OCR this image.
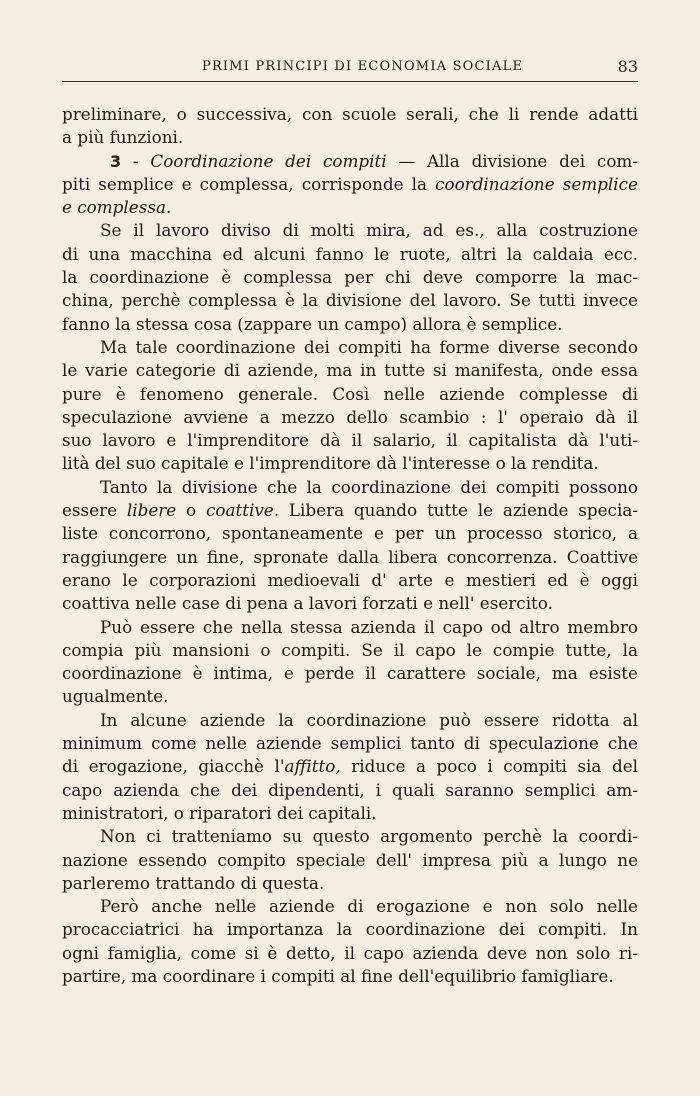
PRIMI PRINCIPI DI ECONOMIA SOCIALE	83
preliminare, o successiva, con scuole serali, che li rende adatti
a più funzioni.
3 - Coordinazione dei compiti — Alla divisione dei com-
piti semplice e complessa, corrisponde la coordinazione semplice
e complessa.
Se il lavoro diviso di molti mira, ad es., alla costruzione
di una macchina ed alcuni fanno le ruote, altri la caldaia ecc.
la coordinazione è complessa per chi deve comporre la mac-
china, perchè complessa è la divisione del lavoro. Se tutti invece
fanno la stessa cosa (zappare un campo) allora è semplice.
Ma tale coordinazione dei compiti ha forme diverse secondo
le varie categorie di aziende, ma in tutte si manifesta, onde essa
pure è fenomeno generale. Così nelle aziende complesse di
speculazione avviene a mezzo dello scambio : l' operaio dà il
suo lavoro e l'imprenditore dà il salario, il capitalista dà l'uti-
lità del suo capitale e l'imprenditore dà l'interesse o la rendita.
Tanto la divisione che la coordinazione dei compiti possono
essere libere o coattive. Libera quando tutte le aziende specia-
liste concorrono, spontaneamente e per un processo storico, a
raggiungere un fine, spronate dalla libera concorrenza. Coattive
erano le corporazioni medioevali d' arte e mestieri ed è oggi
coattiva nelle case di pena a lavori forzati e nell' esercito.
Può essere che nella stessa azienda il capo od altro membro
compia più mansioni o compiti. Se il capo le compie tutte, la
coordinazione è intima, e perde il carattere sociale, ma esiste
ugualmente.
In alcune aziende la coordinazione può essere ridotta al
minimum come nelle aziende semplici tanto di speculazione che
di erogazione, giacchè l'affitto, riduce a poco i compiti sia del
capo azienda che dei dipendenti, i quali saranno semplici am-
ministratori, o riparatori dei capitali.
Non ci tratteniamo su questo argomento perchè la coordi-
nazione essendo compito speciale dell' impresa più a lungo ne
parleremo trattando di questa.
Però anche nelle aziende di erogazione e non solo nelle
procacciatrici ha importanza la coordinazione dei compiti. In
ogni famiglia, come si è detto, il capo azienda deve non solo ri-
partire, ma coordinare i compiti al fine dell'equilibrio famigliare.
